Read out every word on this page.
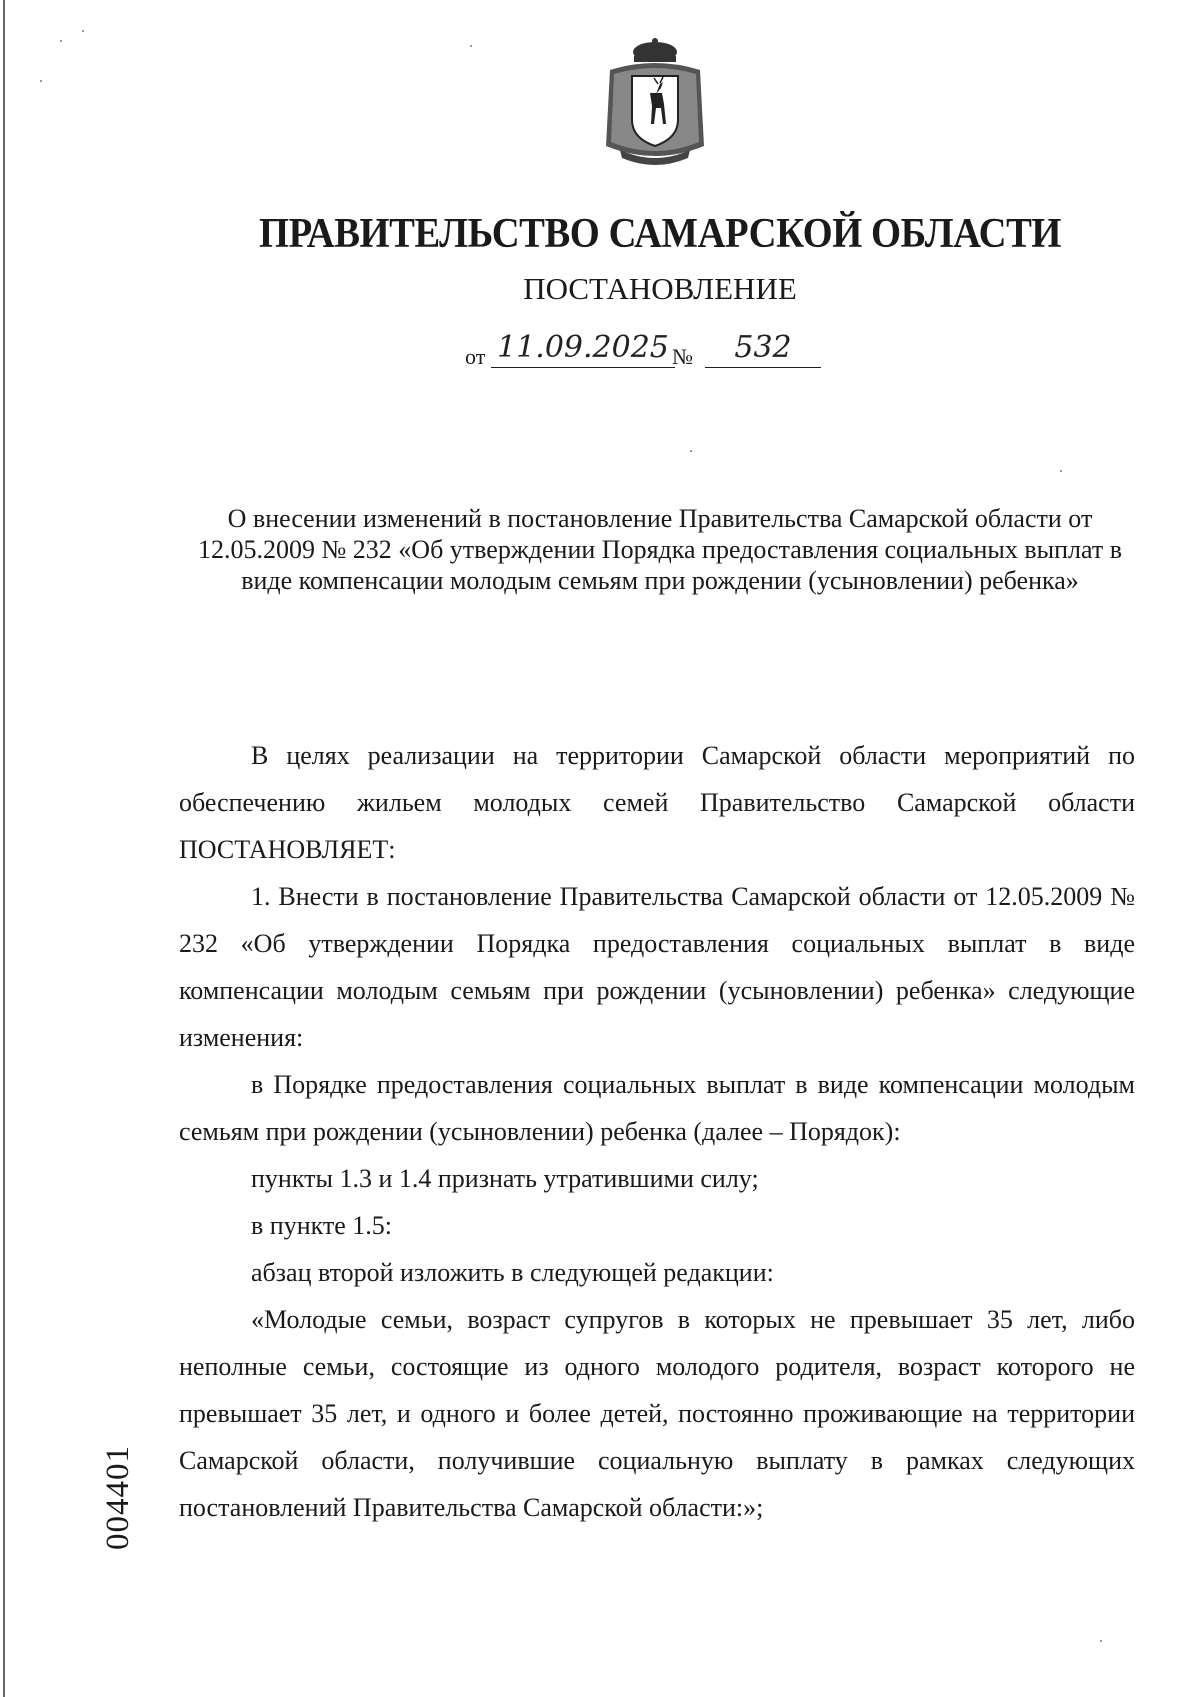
ПРАВИТЕЛЬСТВО САМАРСКОЙ ОБЛАСТИ
ПОСТАНОВЛЕНИЕ
от 11.09.2025 №	532
О внесении изменений в постановление Правительства Самарской области от 12.05.2009 № 232 «Об утверждении Порядка предоставления социальных выплат в виде компенсации молодым семьям при рождении (усыновлении) ребенка»

В целях реализации на территории Самарской области мероприятий по обеспечению жильем молодых семей Правительство Самарской области ПОСТАНОВЛЯЕТ:

1. Внести в постановление Правительства Самарской области от 12.05.2009 № 232 «Об утверждении Порядка предоставления социальных выплат в виде компенсации молодым семьям при рождении (усыновлении) ребенка» следующие изменения:

в Порядке предоставления социальных выплат в виде компенсации молодым семьям при рождении (усыновлении) ребенка (далее – Порядок):

пункты 1.3 и 1.4 признать утратившими силу;

в пункте 1.5:

абзац второй изложить в следующей редакции:

«Молодые семьи, возраст супругов в которых не превышает 35 лет, либо неполные семьи, состоящие из одного молодого родителя, возраст которого не превышает 35 лет, и одного и более детей, постоянно проживающие на территории Самарской области, получившие социальную выплату в рамках следующих постановлений Правительства Самарской области:»;

004401
